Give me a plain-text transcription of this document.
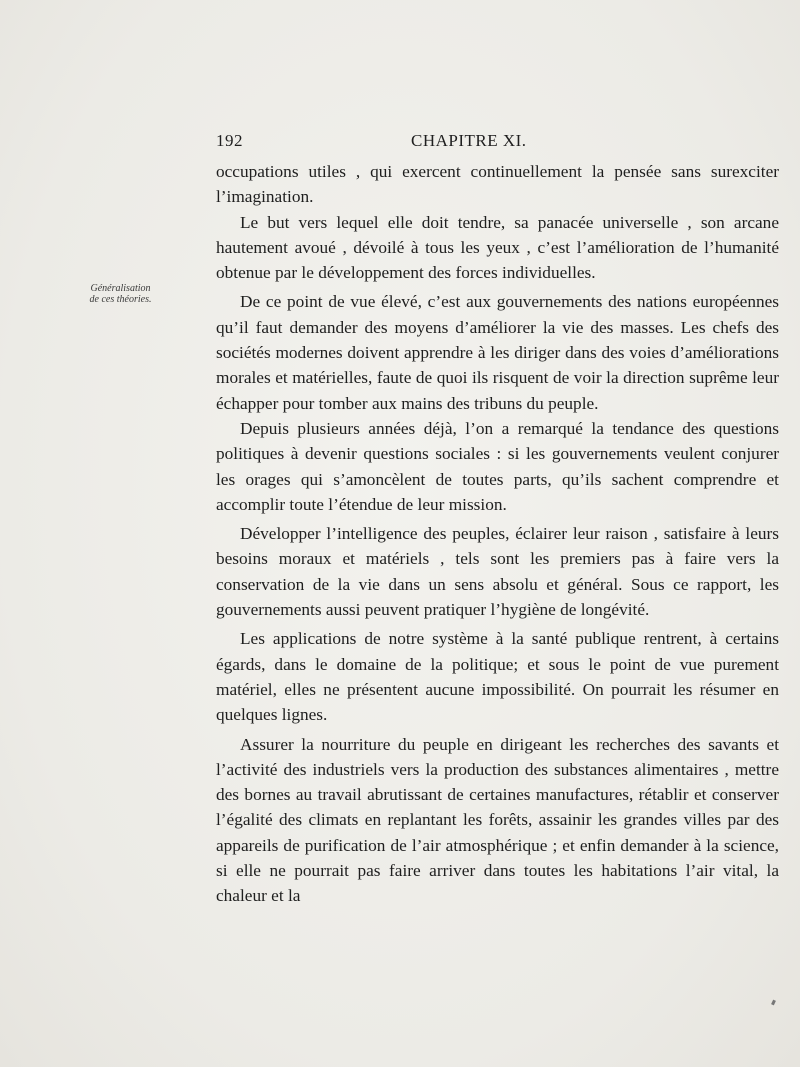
192	CHAPITRE XI.
Généralisation
de ces théories.

occupations utiles , qui exercent continuellement la pensée sans surexciter l’imagination.

Le but vers lequel elle doit tendre, sa panacée universelle , son arcane hautement avoué , dévoilé à tous les yeux , c’est l’amélioration de l’humanité obtenue par le développement des forces individuelles.

De ce point de vue élevé, c’est aux gouvernements des nations européennes qu’il faut demander des moyens d’améliorer la vie des masses. Les chefs des sociétés modernes doivent apprendre à les diriger dans des voies d’améliorations morales et matérielles, faute de quoi ils risquent de voir la direction suprême leur échapper pour tomber aux mains des tribuns du peuple.

Depuis plusieurs années déjà, l’on a remarqué la tendance des questions politiques à devenir questions sociales : si les gouvernements veulent conjurer les orages qui s’amoncèlent de toutes parts, qu’ils sachent comprendre et accomplir toute l’étendue de leur mission.

Développer l’intelligence des peuples, éclairer leur raison , satisfaire à leurs besoins moraux et matériels , tels sont les premiers pas à faire vers la conservation de la vie dans un sens absolu et général. Sous ce rapport, les gouvernements aussi peuvent pratiquer l’hygiène de longévité.

Les applications de notre système à la santé publique rentrent, à certains égards, dans le domaine de la politique; et sous le point de vue purement matériel, elles ne présentent aucune impossibilité. On pourrait les résumer en quelques lignes.

Assurer la nourriture du peuple en dirigeant les recherches des savants et l’activité des industriels vers la production des substances alimentaires , mettre des bornes au travail abrutissant de certaines manufactures, rétablir et conserver l’égalité des climats en replantant les forêts, assainir les grandes villes par des appareils de purification de l’air atmosphérique ; et enfin demander à la science, si elle ne pourrait pas faire arriver dans toutes les habitations l’air vital, la chaleur et la
